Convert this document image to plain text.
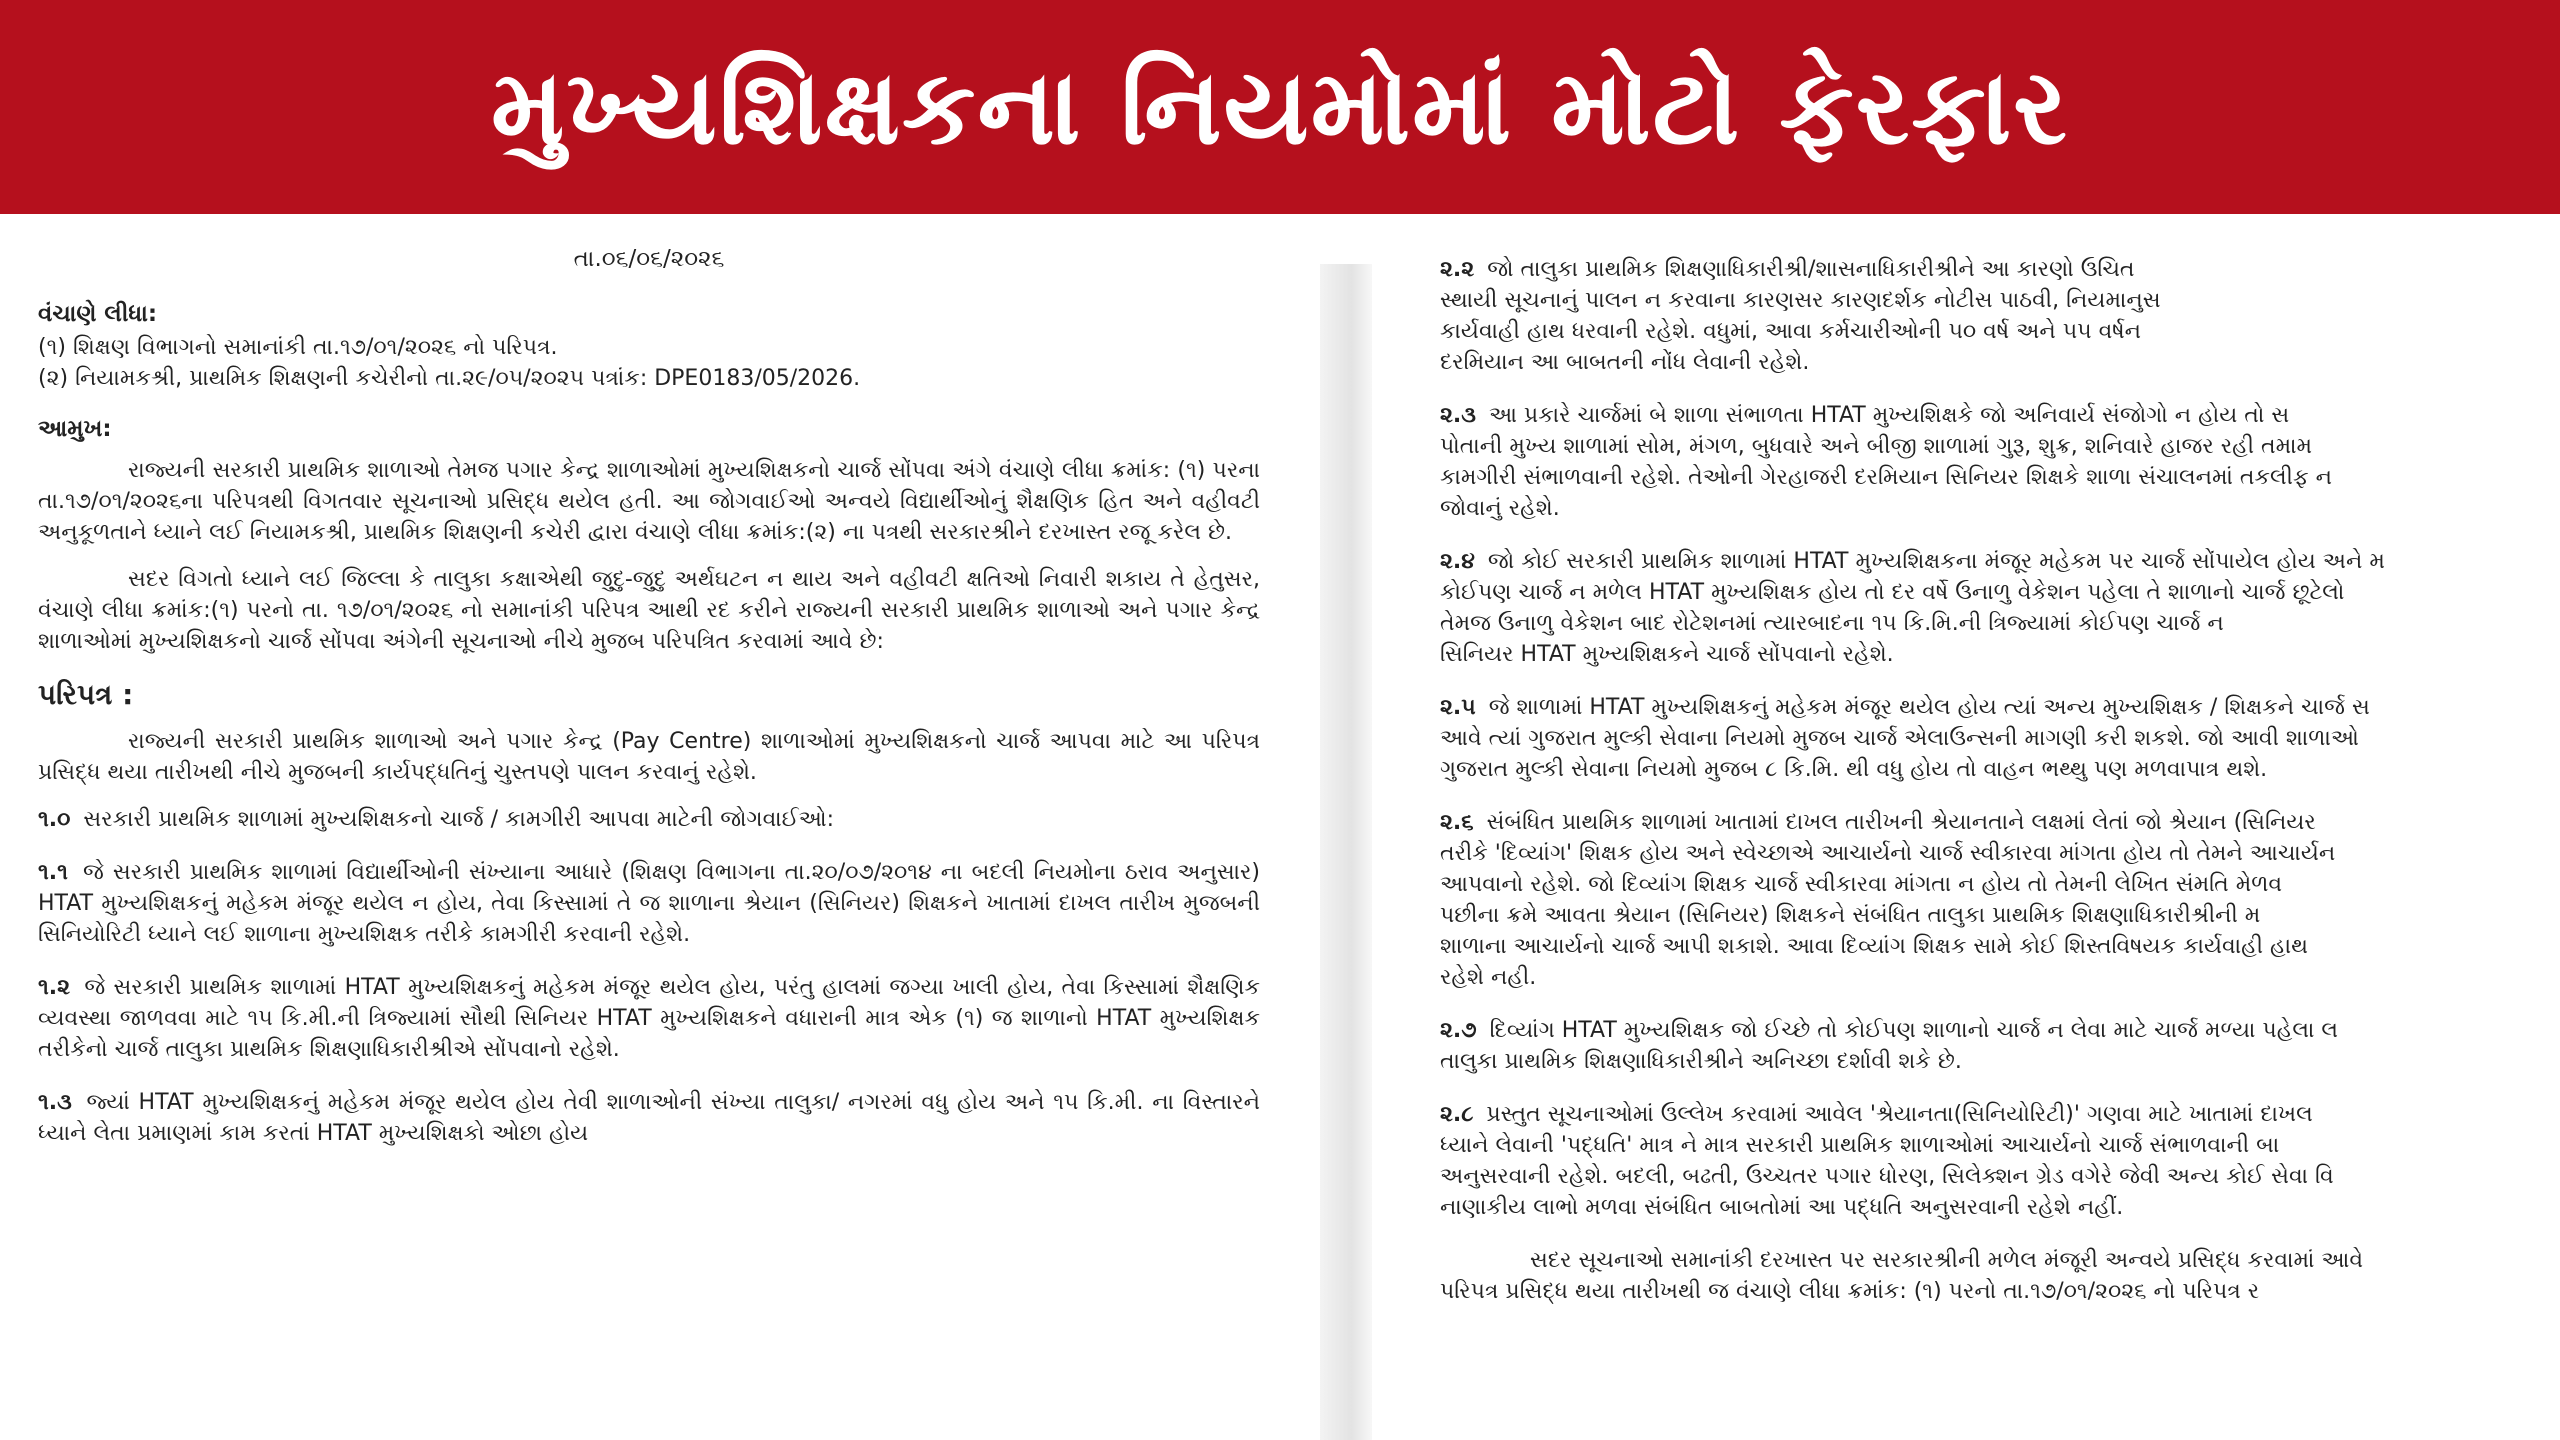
મુખ્યશિક્ષકના નિયમોમાં મોટો ફેરફાર
તા.૦૬/૦૬/૨૦૨૬
વંચાણે લીધા:

(૧) શિક્ષણ વિભાગનો સમાનાંકી તા.૧૭/૦૧/૨૦૨૬ નો પરિપત્ર.

(૨) નિયામકશ્રી, પ્રાથમિક શિક્ષણની કચેરીનો તા.૨૯/૦૫/૨૦૨૫ પત્રાંક: DPE0183/05/2026.

આમુખ:

રાજ્યની સરકારી પ્રાથમિક શાળાઓ તેમજ પગાર કેન્દ્ર શાળાઓમાં મુખ્યશિક્ષકનો ચાર્જ સોંપવા અંગે વંચાણે લીધા ક્રમાંક: (૧) પરના તા.૧૭/૦૧/૨૦૨૬ના પરિપત્રથી વિગતવાર સૂચનાઓ પ્રસિદ્ધ થયેલ હતી. આ જોગવાઈઓ અન્વયે વિદ્યાર્થીઓનું શૈક્ષણિક હિત અને વહીવટી અનુકૂળતાને ધ્યાને લઈ નિયામકશ્રી, પ્રાથમિક શિક્ષણની કચેરી દ્વારા વંચાણે લીધા ક્રમાંક:(૨) ના પત્રથી સરકારશ્રીને દરખાસ્ત રજૂ કરેલ છે.

સદર વિગતો ધ્યાને લઈ જિલ્લા કે તાલુકા કક્ષાએથી જુદુ-જુદુ અર્થઘટન ન થાય અને વહીવટી ક્ષતિઓ નિવારી શકાય તે હેતુસર, વંચાણે લીધા ક્રમાંક:(૧) પરનો તા. ૧૭/૦૧/૨૦૨૬ નો સમાનાંકી પરિપત્ર આથી રદ કરીને રાજ્યની સરકારી પ્રાથમિક શાળાઓ અને પગાર કેન્દ્ર શાળાઓમાં મુખ્યશિક્ષકનો ચાર્જ સોંપવા અંગેની સૂચનાઓ નીચે મુજબ પરિપત્રિત કરવામાં આવે છે:

પરિપત્ર :

રાજ્યની સરકારી પ્રાથમિક શાળાઓ અને પગાર કેન્દ્ર (Pay Centre) શાળાઓમાં મુખ્યશિક્ષકનો ચાર્જ આપવા માટે આ પરિપત્ર પ્રસિદ્ધ થયા તારીખથી નીચે મુજબની કાર્યપદ્ધતિનું ચુસ્તપણે પાલન કરવાનું રહેશે.

૧.૦ સરકારી પ્રાથમિક શાળામાં મુખ્યશિક્ષકનો ચાર્જ / કામગીરી આપવા માટેની જોગવાઈઓ:
૧.૧ જે સરકારી પ્રાથમિક શાળામાં વિદ્યાર્થીઓની સંખ્યાના આધારે (શિક્ષણ વિભાગના તા.૨૦/૦૭/૨૦૧૪ ના બદલી નિયમોના ઠરાવ અનુસાર) HTAT મુખ્યશિક્ષકનું મહેકમ મંજૂર થયેલ ન હોય, તેવા કિસ્સામાં તે જ શાળાના શ્રેયાન (સિનિયર) શિક્ષકને ખાતામાં દાખલ તારીખ મુજબની સિનિયોરિટી ધ્યાને લઈ શાળાના મુખ્યશિક્ષક તરીકે કામગીરી કરવાની રહેશે.
૧.૨ જે સરકારી પ્રાથમિક શાળામાં HTAT મુખ્યશિક્ષકનું મહેકમ મંજૂર થયેલ હોય, પરંતુ હાલમાં જગ્યા ખાલી હોય, તેવા કિસ્સામાં શૈક્ષણિક વ્યવસ્થા જાળવવા માટે ૧૫ કિ.મી.ની ત્રિજ્યામાં સૌથી સિનિયર HTAT મુખ્યશિક્ષકને વધારાની માત્ર એક (૧) જ શાળાનો HTAT મુખ્યશિક્ષક તરીકેનો ચાર્જ તાલુકા પ્રાથમિક શિક્ષણાધિકારીશ્રીએ સોંપવાનો રહેશે.
૧.૩ જ્યાં HTAT મુખ્યશિક્ષકનું મહેકમ મંજૂર થયેલ હોય તેવી શાળાઓની સંખ્યા તાલુકા/ નગરમાં વધુ હોય અને ૧૫ કિ.મી. ના વિસ્તારને ધ્યાને લેતા પ્રમાણમાં કામ કરતાં HTAT મુખ્યશિક્ષકો ઓછા હોય
૨.૨ જો તાલુકા પ્રાથમિક શિક્ષણાધિકારીશ્રી/શાસનાધિકારીશ્રીને આ કારણો ઉચિત
સ્થાયી સૂચનાનું પાલન ન કરવાના કારણસર કારણદર્શક નોટીસ પાઠવી, નિયમાનુસ
કાર્યવાહી હાથ ધરવાની રહેશે. વધુમાં, આવા કર્મચારીઓની ૫૦ વર્ષ અને ૫૫ વર્ષન
દરમિયાન આ બાબતની નોંધ લેવાની રહેશે.
૨.૩ આ પ્રકારે ચાર્જમાં બે શાળા સંભાળતા HTAT મુખ્યશિક્ષકે જો અનિવાર્ય સંજોગો ન હોય તો સ
પોતાની મુખ્ય શાળામાં સોમ, મંગળ, બુધવારે અને બીજી શાળામાં ગુરૂ, શુક્ર, શનિવારે હાજર રહી તમામ
કામગીરી સંભાળવાની રહેશે. તેઓની ગેરહાજરી દરમિયાન સિનિયર શિક્ષકે શાળા સંચાલનમાં તકલીફ ન
જોવાનું રહેશે.
૨.૪ જો કોઈ સરકારી પ્રાથમિક શાળામાં HTAT મુખ્યશિક્ષકના મંજૂર મહેકમ પર ચાર્જ સોંપાયેલ હોય અને મ
કોઈપણ ચાર્જ ન મળેલ HTAT મુખ્યશિક્ષક હોય તો દર વર્ષે ઉનાળુ વેકેશન પહેલા તે શાળાનો ચાર્જ છૂટેલો
તેમજ ઉનાળુ વેકેશન બાદ રોટેશનમાં ત્યારબાદના ૧૫ કિ.મિ.ની ત્રિજ્યામાં કોઈપણ ચાર્જ ન
સિનિયર HTAT મુખ્યશિક્ષકને ચાર્જ સોંપવાનો રહેશે.
૨.૫ જે શાળામાં HTAT મુખ્યશિક્ષકનું મહેકમ મંજૂર થયેલ હોય ત્યાં અન્ય મુખ્યશિક્ષક / શિક્ષકને ચાર્જ સ
આવે ત્યાં ગુજરાત મુલ્કી સેવાના નિયમો મુજબ ચાર્જ એલાઉન્સની માગણી કરી શકશે. જો આવી શાળાઓ
ગુજરાત મુલ્કી સેવાના નિયમો મુજબ ૮ કિ.મિ. થી વધુ હોય તો વાહન ભથ્થુ પણ મળવાપાત્ર થશે.
૨.૬ સંબંધિત પ્રાથમિક શાળામાં ખાતામાં દાખલ તારીખની શ્રેયાનતાને લક્ષમાં લેતાં જો શ્રેયાન (સિનિયર
તરીકે 'દિવ્યાંગ' શિક્ષક હોય અને સ્વેચ્છાએ આચાર્યનો ચાર્જ સ્વીકારવા માંગતા હોય તો તેમને આચાર્યન
આપવાનો રહેશે. જો દિવ્યાંગ શિક્ષક ચાર્જ સ્વીકારવા માંગતા ન હોય તો તેમની લેખિત સંમતિ મેળવ
પછીના ક્રમે આવતા શ્રેયાન (સિનિયર) શિક્ષકને સંબંધિત તાલુકા પ્રાથમિક શિક્ષણાધિકારીશ્રીની મ
શાળાના આચાર્યનો ચાર્જ આપી શકાશે. આવા દિવ્યાંગ શિક્ષક સામે કોઈ શિસ્તવિષયક કાર્યવાહી હાથ
રહેશે નહી.
૨.૭ દિવ્યાંગ HTAT મુખ્યશિક્ષક જો ઈચ્છે તો કોઈપણ શાળાનો ચાર્જ ન લેવા માટે ચાર્જ મળ્યા પહેલા લ
તાલુકા પ્રાથમિક શિક્ષણાધિકારીશ્રીને અનિચ્છા દર્શાવી શકે છે.
૨.૮ પ્રસ્તુત સૂચનાઓમાં ઉલ્લેખ કરવામાં આવેલ 'શ્રેયાનતા(સિનિયોરિટી)' ગણવા માટે ખાતામાં દાખલ
ધ્યાને લેવાની 'પદ્ધતિ' માત્ર ને માત્ર સરકારી પ્રાથમિક શાળાઓમાં આચાર્યનો ચાર્જ સંભાળવાની બા
અનુસરવાની રહેશે. બદલી, બઢતી, ઉચ્ચતર પગાર ધોરણ, સિલેક્શન ગ્રેડ વગેરે જેવી અન્ય કોઈ સેવા વિ
નાણાકીય લાભો મળવા સંબંધિત બાબતોમાં આ પદ્ધતિ અનુસરવાની રહેશે નહીં.
સદર સૂચનાઓ સમાનાંકી દરખાસ્ત પર સરકારશ્રીની મળેલ મંજૂરી અન્વયે પ્રસિદ્ધ કરવામાં આવે
પરિપત્ર પ્રસિદ્ધ થયા તારીખથી જ વંચાણે લીધા ક્રમાંક: (૧) પરનો તા.૧૭/૦૧/૨૦૨૬ નો પરિપત્ર ર
